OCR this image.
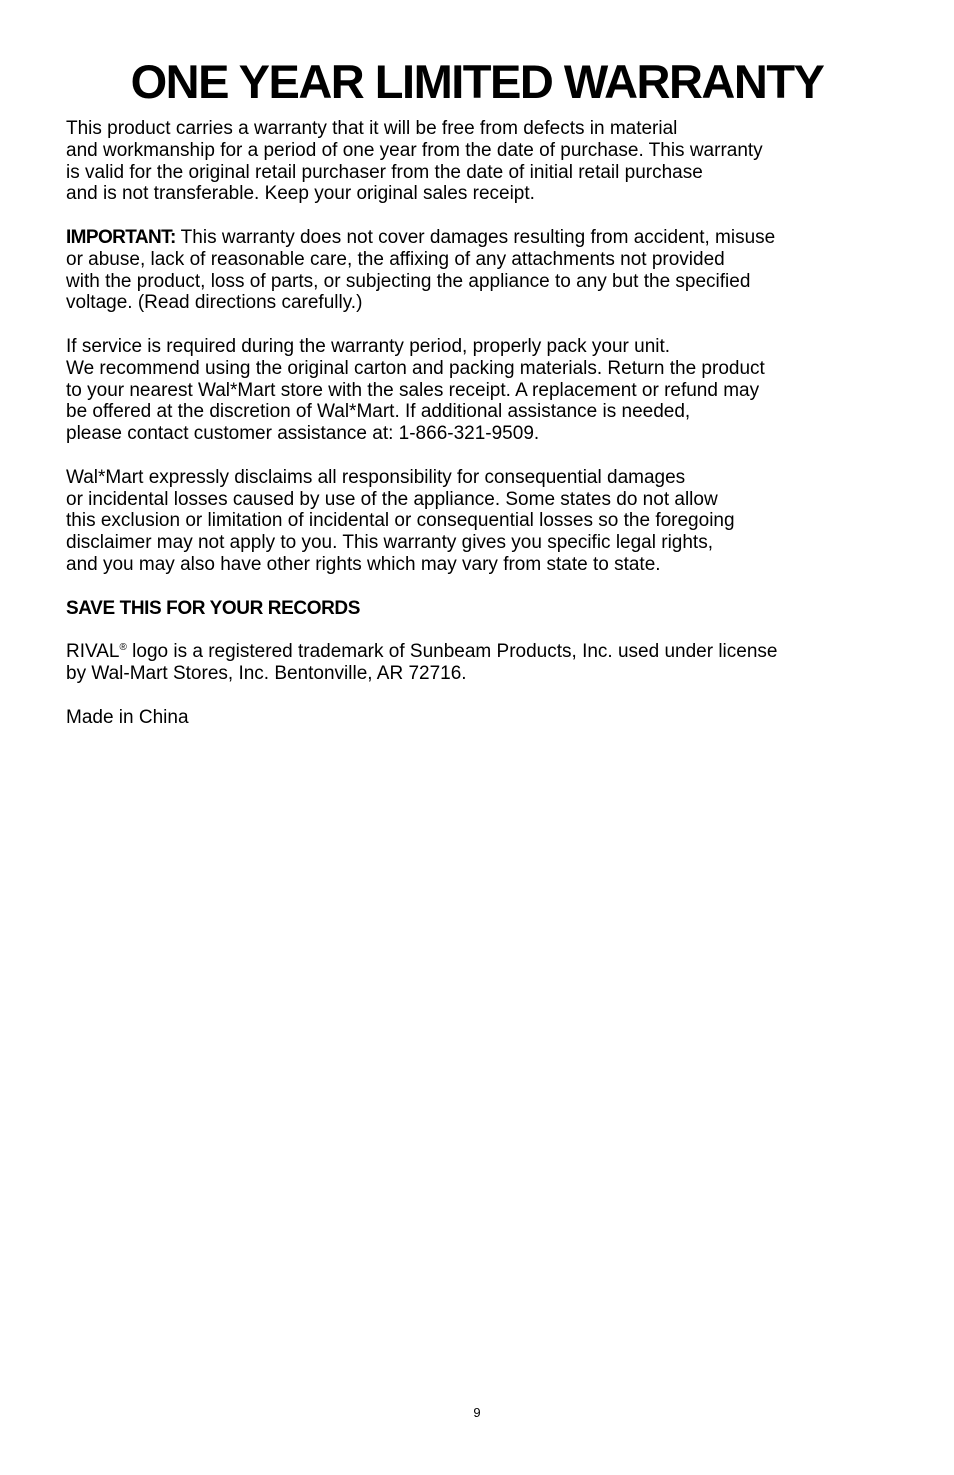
ONE YEAR LIMITED WARRANTY

This product carries a warranty that it will be free from defects in material
and workmanship for a period of one year from the date of purchase. This warranty
is valid for the original retail purchaser from the date of initial retail purchase
and is not transferable. Keep your original sales receipt.

IMPORTANT: This warranty does not cover damages resulting from accident, misuse
or abuse, lack of reasonable care, the affixing of any attachments not provided
with the product, loss of parts, or subjecting the appliance to any but the specified
voltage. (Read directions carefully.)

If service is required during the warranty period, properly pack your unit.
We recommend using the original carton and packing materials. Return the product
to your nearest Wal*Mart store with the sales receipt. A replacement or refund may
be offered at the discretion of Wal*Mart. If additional assistance is needed,
please contact customer assistance at: 1-866-321-9509.

Wal*Mart expressly disclaims all responsibility for consequential damages
or incidental losses caused by use of the appliance. Some states do not allow
this exclusion or limitation of incidental or consequential losses so the foregoing
disclaimer may not apply to you. This warranty gives you specific legal rights,
and you may also have other rights which may vary from state to state.

SAVE THIS FOR YOUR RECORDS

RIVAL® logo is a registered trademark of Sunbeam Products, Inc. used under license
by Wal-Mart Stores, Inc. Bentonville, AR 72716.

Made in China

9
